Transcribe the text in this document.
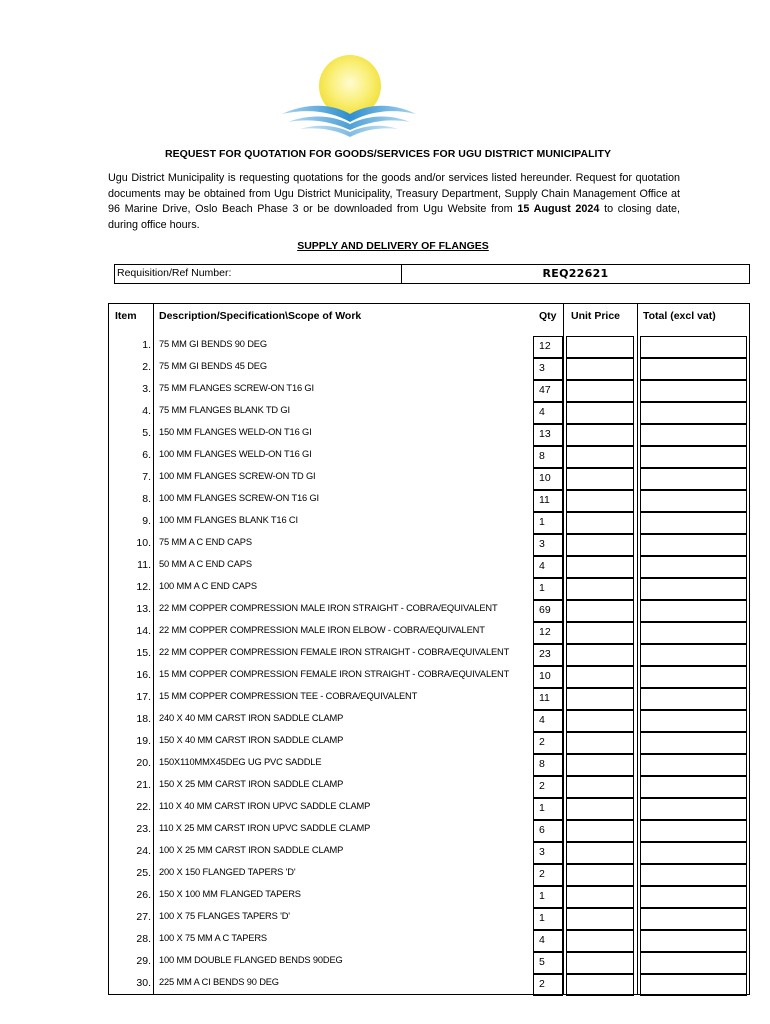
REQUEST FOR QUOTATION FOR GOODS/SERVICES FOR UGU DISTRICT MUNICIPALITY
Ugu District Municipality is requesting quotations for the goods and/or services listed hereunder. Request for quotation documents may be obtained from Ugu District Municipality, Treasury Department, Supply Chain Management Office at 96 Marine Drive, Oslo Beach Phase 3 or be downloaded from Ugu Website from 15 August 2024 to closing date, during office hours.
SUPPLY AND DELIVERY OF FLANGES
Requisition/Ref Number:	REQ22621
Item	Description/Specification\Scope of Work	Qty	Unit Price	Total (excl vat)
1. 75 MM GI BENDS 90 DEG	12
2. 75 MM GI BENDS 45 DEG	3
3. 75 MM FLANGES SCREW-ON T16 GI	47
4. 75 MM FLANGES BLANK TD GI	4
5. 150 MM FLANGES WELD-ON T16 GI	13
6. 100 MM FLANGES WELD-ON T16 GI	8
7. 100 MM FLANGES SCREW-ON TD GI	10
8. 100 MM FLANGES SCREW-ON T16 GI	11
9. 100 MM FLANGES BLANK T16 CI	1
10. 75 MM A C END CAPS	3
11. 50 MM A C END CAPS	4
12. 100 MM A C END CAPS	1
13. 22 MM COPPER COMPRESSION MALE IRON STRAIGHT - COBRA/EQUIVALENT	69
14. 22 MM COPPER COMPRESSION MALE IRON ELBOW - COBRA/EQUIVALENT	12
15. 22 MM COPPER COMPRESSION FEMALE IRON STRAIGHT - COBRA/EQUIVALENT	23
16. 15 MM COPPER COMPRESSION FEMALE IRON STRAIGHT - COBRA/EQUIVALENT	10
17. 15 MM COPPER COMPRESSION TEE - COBRA/EQUIVALENT	11
18. 240 X 40 MM CARST IRON SADDLE CLAMP	4
19. 150 X 40 MM CARST IRON SADDLE CLAMP	2
20. 150X110MMX45DEG UG PVC SADDLE	8
21. 150 X 25 MM CARST IRON SADDLE CLAMP	2
22. 110 X 40 MM CARST IRON UPVC SADDLE CLAMP	1
23. 110 X 25 MM CARST IRON UPVC SADDLE CLAMP	6
24. 100 X 25 MM CARST IRON SADDLE CLAMP	3
25. 200 X 150 FLANGED TAPERS 'D'	2
26. 150 X 100 MM FLANGED TAPERS	1
27. 100 X 75 FLANGES TAPERS 'D'	1
28. 100 X 75 MM A C TAPERS	4
29. 100 MM DOUBLE FLANGED BENDS 90DEG	5
30. 225 MM A CI BENDS 90 DEG	2
